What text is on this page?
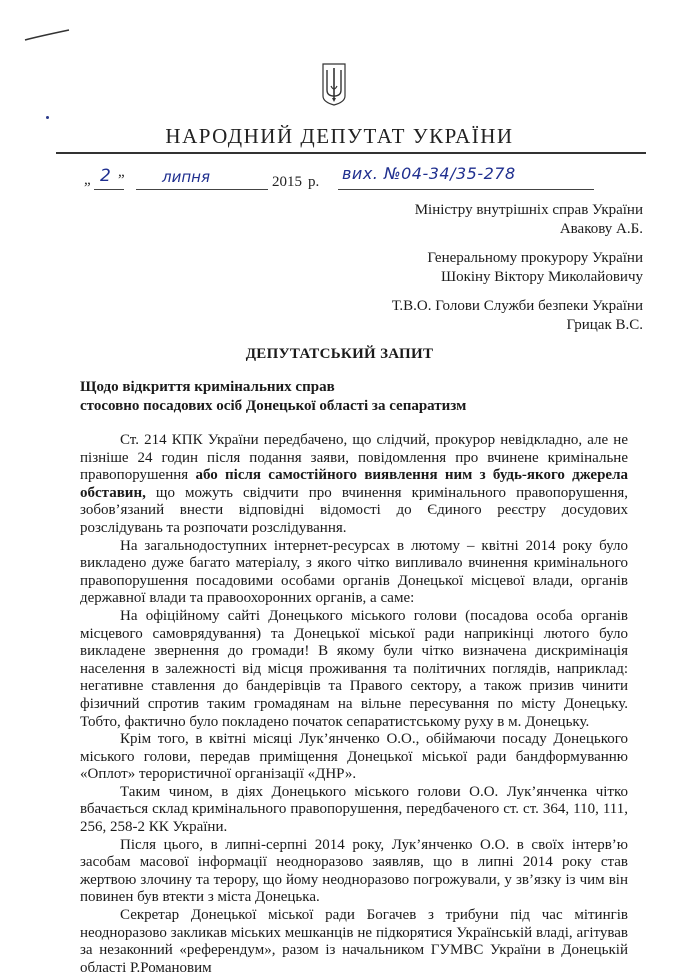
НАРОДНИЙ ДЕПУТАТ УКРАЇНИ
„ 2 ” липня	2015 р. вих. №04-34/35-278
Міністру внутрішніх справ України
Авакову А.Б.
Генеральному прокурору України
Шокіну Віктору Миколайовичу
Т.В.О. Голови Служби безпеки України
Грицак В.С.
ДЕПУТАТСЬКИЙ ЗАПИТ
Щодо відкриття кримінальних справ
стосовно посадових осіб Донецької області за сепаратизм

Ст. 214 КПК України передбачено, що слідчий, прокурор невідкладно, але не пізніше 24 годин після подання заяви, повідомлення про вчинене кримінальне правопорушення або після самостійного виявлення ним з будь-якого джерела обставин, що можуть свідчити про вчинення кримінального правопорушення, зобов’язаний внести відповідні відомості до Єдиного реєстру досудових розслідувань та розпочати розслідування.

На загальнодоступних інтернет-ресурсах в лютому – квітні 2014 року було викладено дуже багато матеріалу, з якого чітко випливало вчинення кримінального правопорушення посадовими особами органів Донецької місцевої влади, органів державної влади та правоохоронних органів, а саме:

На офіційному сайті Донецького міського голови (посадова особа органів місцевого самоврядування) та Донецької міської ради наприкінці лютого було викладене звернення до громади! В якому були чітко визначена дискримінація населення в залежності від місця проживання та політичних поглядів, наприклад: негативне ставлення до бандерівців та Правого сектору, а також призив чинити фізичний спротив таким громадянам на вільне пересування по місту Донецьку. Тобто, фактично було покладено початок сепаратистському руху в м. Донецьку.

Крім того, в квітні місяці Лук’янченко О.О., обіймаючи посаду Донецького міського голови, передав приміщення Донецької міської ради бандформуванню «Оплот» терористичної організації «ДНР».

Таким чином, в діях Донецького міського голови О.О. Лук’янченка чітко вбачається склад кримінального правопорушення, передбаченого ст. ст. 364, 110, 111, 256, 258-2 КК України.

Після цього, в липні-серпні 2014 року, Лук’янченко О.О. в своїх інтерв’ю засобам масової інформації неодноразово заявляв, що в липні 2014 року став жертвою злочину та терору, що йому неодноразово погрожували, у зв’язку із чим він повинен був втекти з міста Донецька.

Секретар Донецької міської ради Богачев з трибуни під час мітингів неодноразово закликав міських мешканців не підкорятися Українській владі, агітував за незаконний «референдум», разом із начальником ГУМВС України в Донецькій області Р.Романовим
